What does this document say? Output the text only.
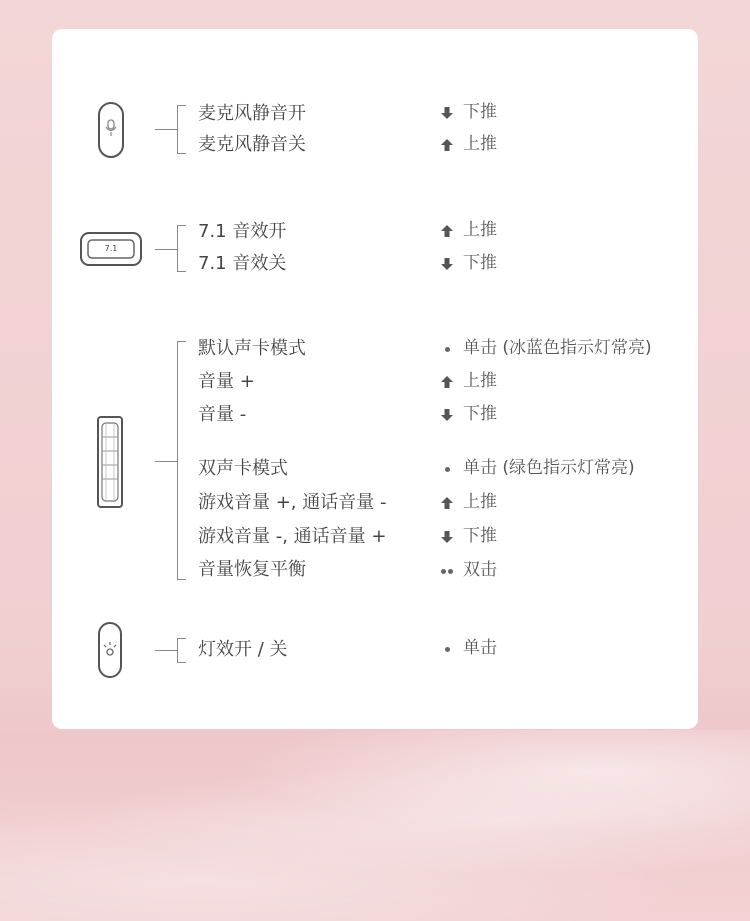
麦克风静音开	下推
麦克风静音关	上推
7.1
7.1 音效开	上推
7.1 音效关	下推
默认声卡模式	单击 (冰蓝色指示灯常亮)
音量 +	上推
音量 -	下推
双声卡模式	单击 (绿色指示灯常亮)
游戏音量 +, 通话音量 -	上推
游戏音量 -, 通话音量 +	下推
音量恢复平衡	双击
灯效开 / 关	单击
